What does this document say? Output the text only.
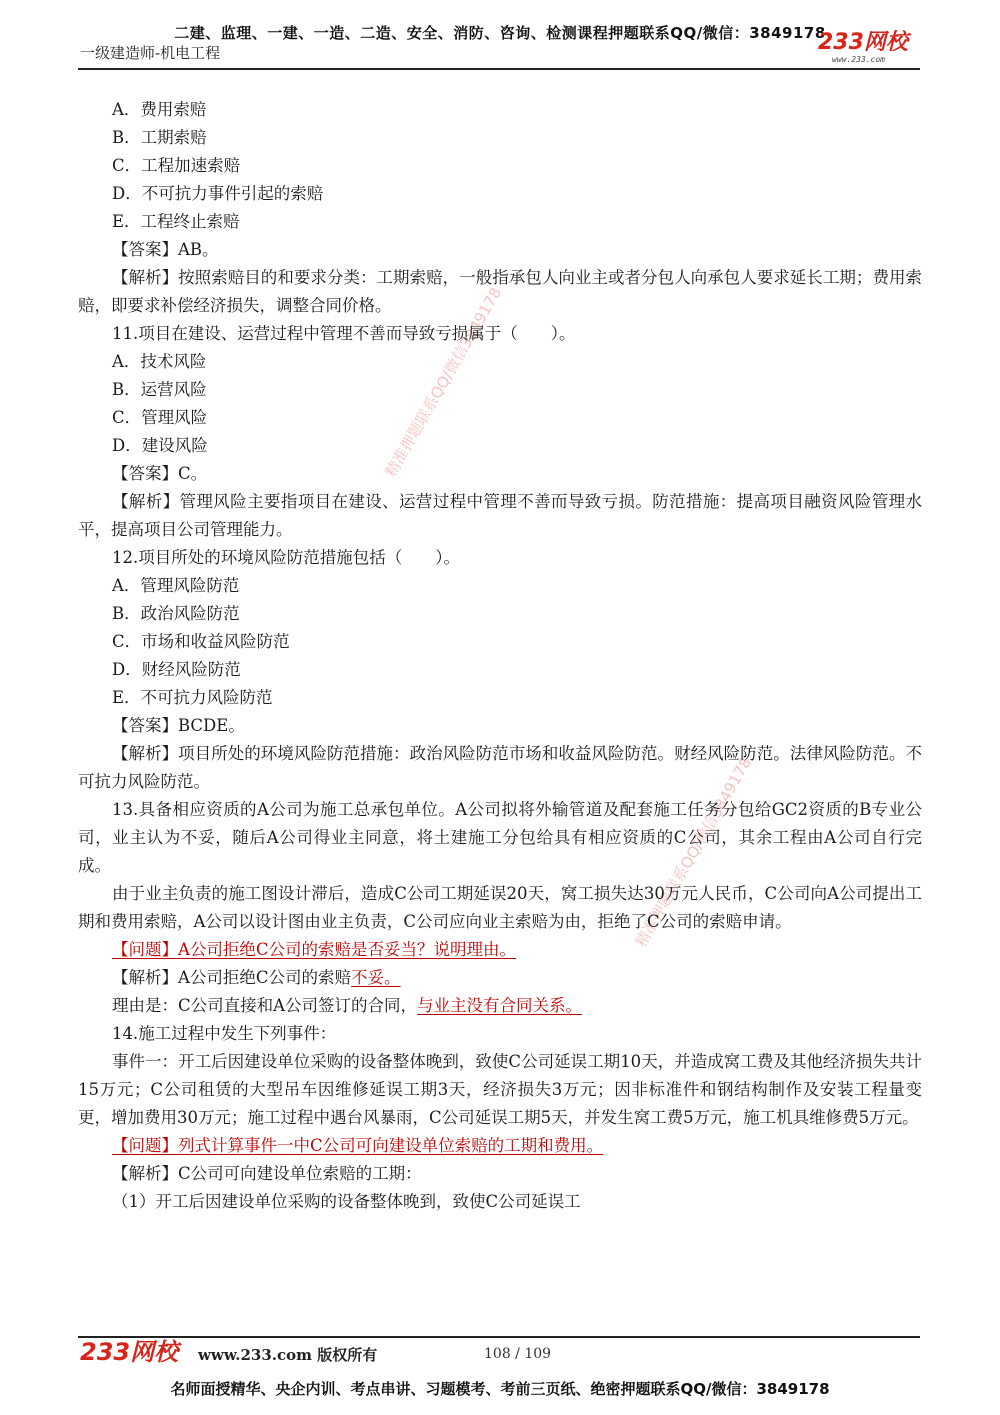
二建、监理、一建、一造、二造、安全、消防、咨询、检测课程押题联系QQ/微信：3849178
一级建造师-机电工程	233网校
www.233.com
精准押题联系QQ/微信3849178
精准押题联系QQ/微信3849178
A．费用索赔
B．工期索赔
C．工程加速索赔
D．不可抗力事件引起的索赔
E．工程终止索赔
【答案】AB。
【解析】按照索赔目的和要求分类：工期索赔，一般指承包人向业主或者分包人向承包人要求延长工期；费用索赔，即要求补偿经济损失，调整合同价格。
11.项目在建设、运营过程中管理不善而导致亏损属于（　　）。
A．技术风险
B．运营风险
C．管理风险
D．建设风险
【答案】C。
【解析】管理风险主要指项目在建设、运营过程中管理不善而导致亏损。防范措施：提高项目融资风险管理水平，提高项目公司管理能力。
12.项目所处的环境风险防范措施包括（　　）。
A．管理风险防范
B．政治风险防范
C．市场和收益风险防范
D．财经风险防范
E．不可抗力风险防范
【答案】BCDE。
【解析】项目所处的环境风险防范措施：政治风险防范市场和收益风险防范。财经风险防范。法律风险防范。不可抗力风险防范。
13.具备相应资质的A公司为施工总承包单位。A公司拟将外输管道及配套施工任务分包给GC2资质的B专业公司，业主认为不妥，随后A公司得业主同意，将土建施工分包给具有相应资质的C公司，其余工程由A公司自行完成。
由于业主负责的施工图设计滞后，造成C公司工期延误20天，窝工损失达30万元人民币，C公司向A公司提出工期和费用索赔，A公司以设计图由业主负责，C公司应向业主索赔为由，拒绝了C公司的索赔申请。
【问题】A公司拒绝C公司的索赔是否妥当？说明理由。
【解析】A公司拒绝C公司的索赔不妥。
理由是：C公司直接和A公司签订的合同，与业主没有合同关系。
14.施工过程中发生下列事件：
事件一：开工后因建设单位采购的设备整体晚到，致使C公司延误工期10天，并造成窝工费及其他经济损失共计15万元；C公司租赁的大型吊车因维修延误工期3天，经济损失3万元；因非标准件和钢结构制作及安装工程量变更，增加费用30万元；施工过程中遇台风暴雨，C公司延误工期5天，并发生窝工费5万元，施工机具维修费5万元。
【问题】列式计算事件一中C公司可向建设单位索赔的工期和费用。
【解析】C公司可向建设单位索赔的工期：
（1）开工后因建设单位采购的设备整体晚到，致使C公司延误工
233网校 www.233.com 版权所有	108 / 109
名师面授精华、央企内训、考点串讲、习题模考、考前三页纸、绝密押题联系QQ/微信：3849178
